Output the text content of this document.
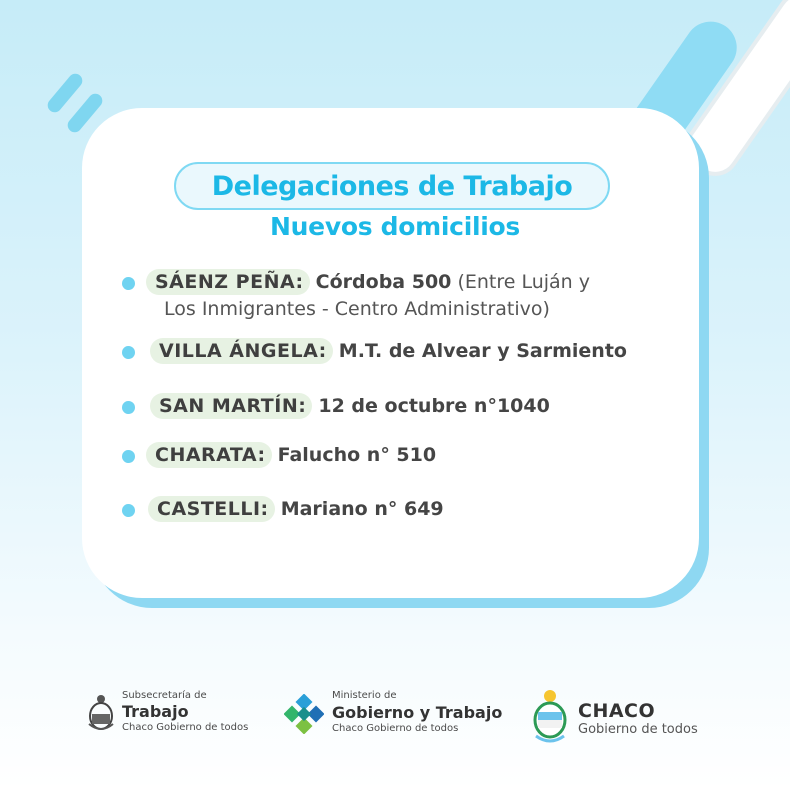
Delegaciones de Trabajo
Nuevos domicilios
SÁENZ PEÑA: Córdoba 500 (Entre Luján y
Los Inmigrantes - Centro Administrativo)
VILLA ÁNGELA: M.T. de Alvear y Sarmiento
SAN MARTÍN: 12 de octubre n°1040
CHARATA: Falucho n° 510
CASTELLI: Mariano n° 649
Subsecretaría de
Trabajo
Chaco Gobierno de todos
Ministerio de
Gobierno y Trabajo
Chaco Gobierno de todos
CHACO
Gobierno de todos
